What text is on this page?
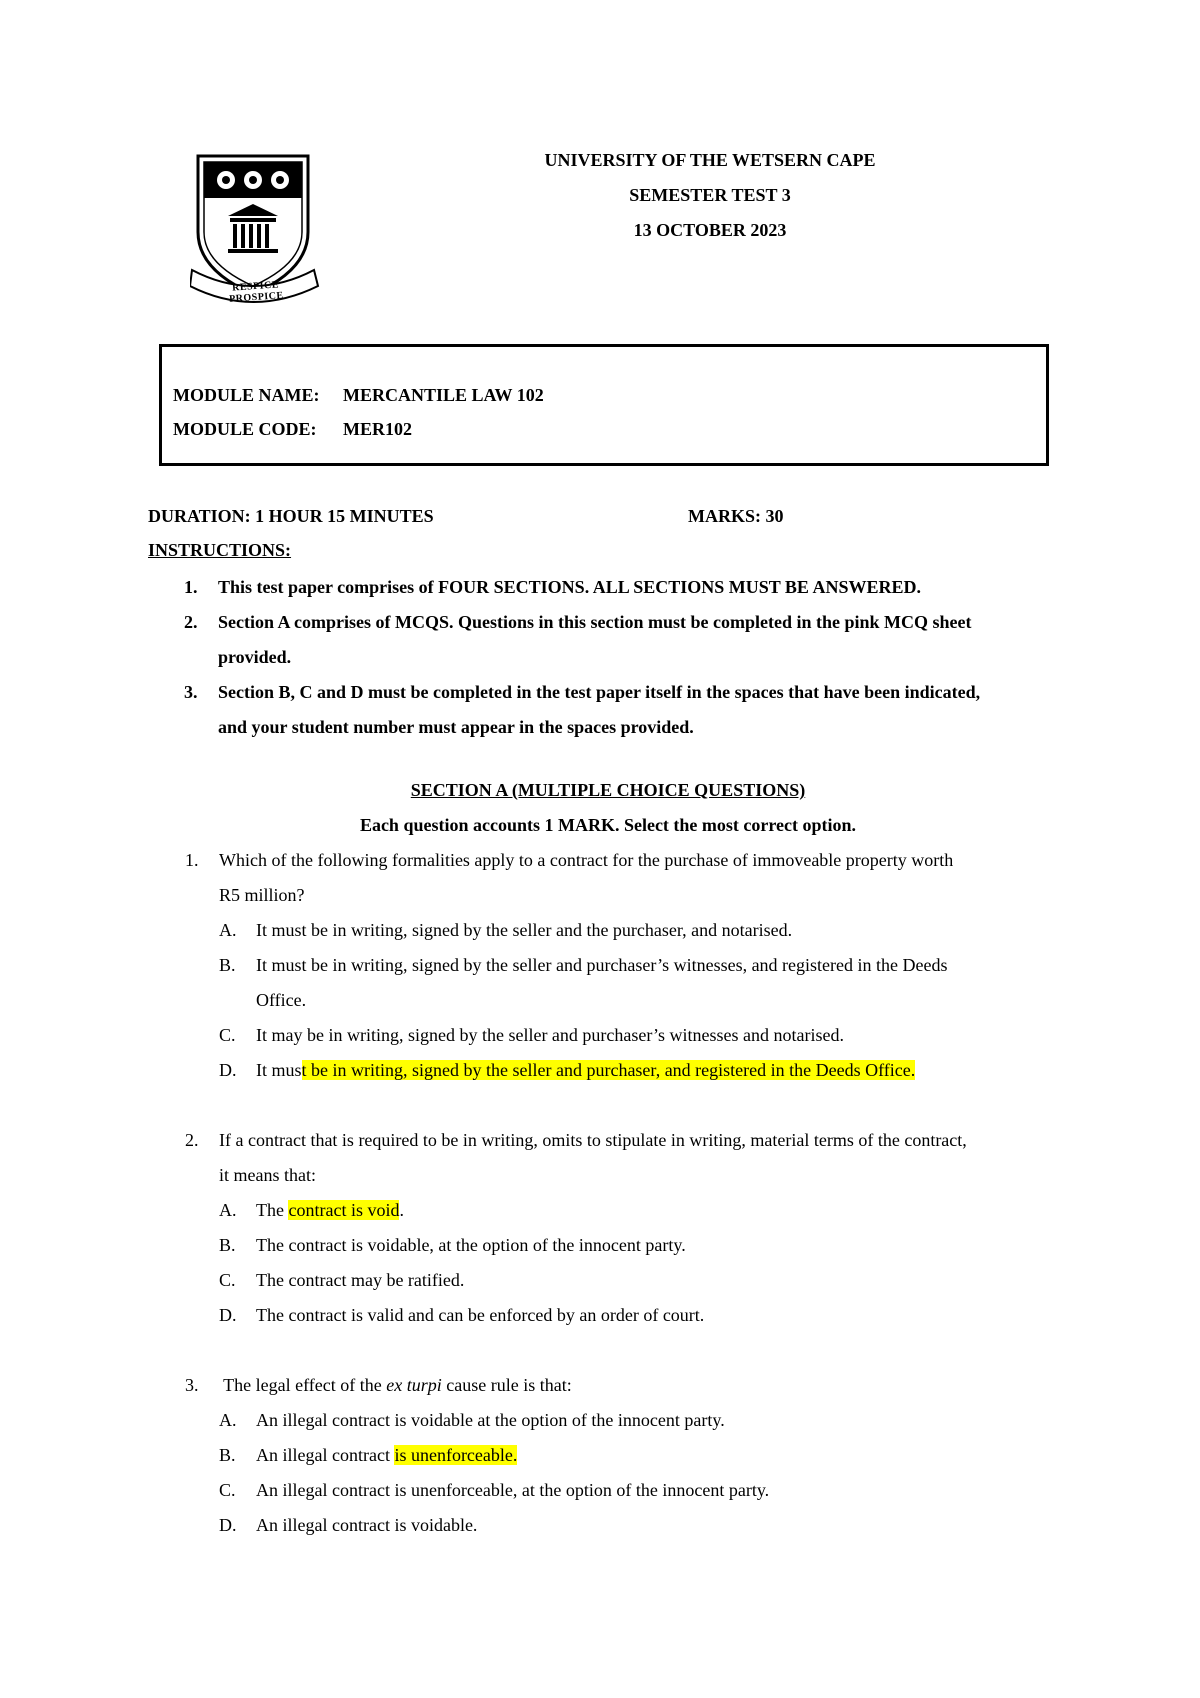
RESPICE PROSPICE
UNIVERSITY OF THE WETSERN CAPE
SEMESTER TEST 3
13 OCTOBER 2023
MODULE NAME: MERCANTILE LAW 102
MODULE CODE: MER102
DURATION: 1 HOUR 15 MINUTES	MARKS: 30
INSTRUCTIONS:
1. This test paper comprises of FOUR SECTIONS. ALL SECTIONS MUST BE ANSWERED.
2. Section A comprises of MCQS. Questions in this section must be completed in the pink MCQ sheet
provided.
3. Section B, C and D must be completed in the test paper itself in the spaces that have been indicated,
and your student number must appear in the spaces provided.
SECTION A (MULTIPLE CHOICE QUESTIONS)
Each question accounts 1 MARK. Select the most correct option.
1. Which of the following formalities apply to a contract for the purchase of immoveable property worth
R5 million?
A. It must be in writing, signed by the seller and the purchaser, and notarised.
B. It must be in writing, signed by the seller and purchaser’s witnesses, and registered in the Deeds
Office.
C. It may be in writing, signed by the seller and purchaser’s witnesses and notarised.
D. It must be in writing, signed by the seller and purchaser, and registered in the Deeds Office.
2. If a contract that is required to be in writing, omits to stipulate in writing, material terms of the contract,
it means that:
A. The contract is void.
B. The contract is voidable, at the option of the innocent party.
C. The contract may be ratified.
D. The contract is valid and can be enforced by an order of court.
3. The legal effect of the ex turpi cause rule is that:
A. An illegal contract is voidable at the option of the innocent party.
B. An illegal contract is unenforceable.
C. An illegal contract is unenforceable, at the option of the innocent party.
D. An illegal contract is voidable.
